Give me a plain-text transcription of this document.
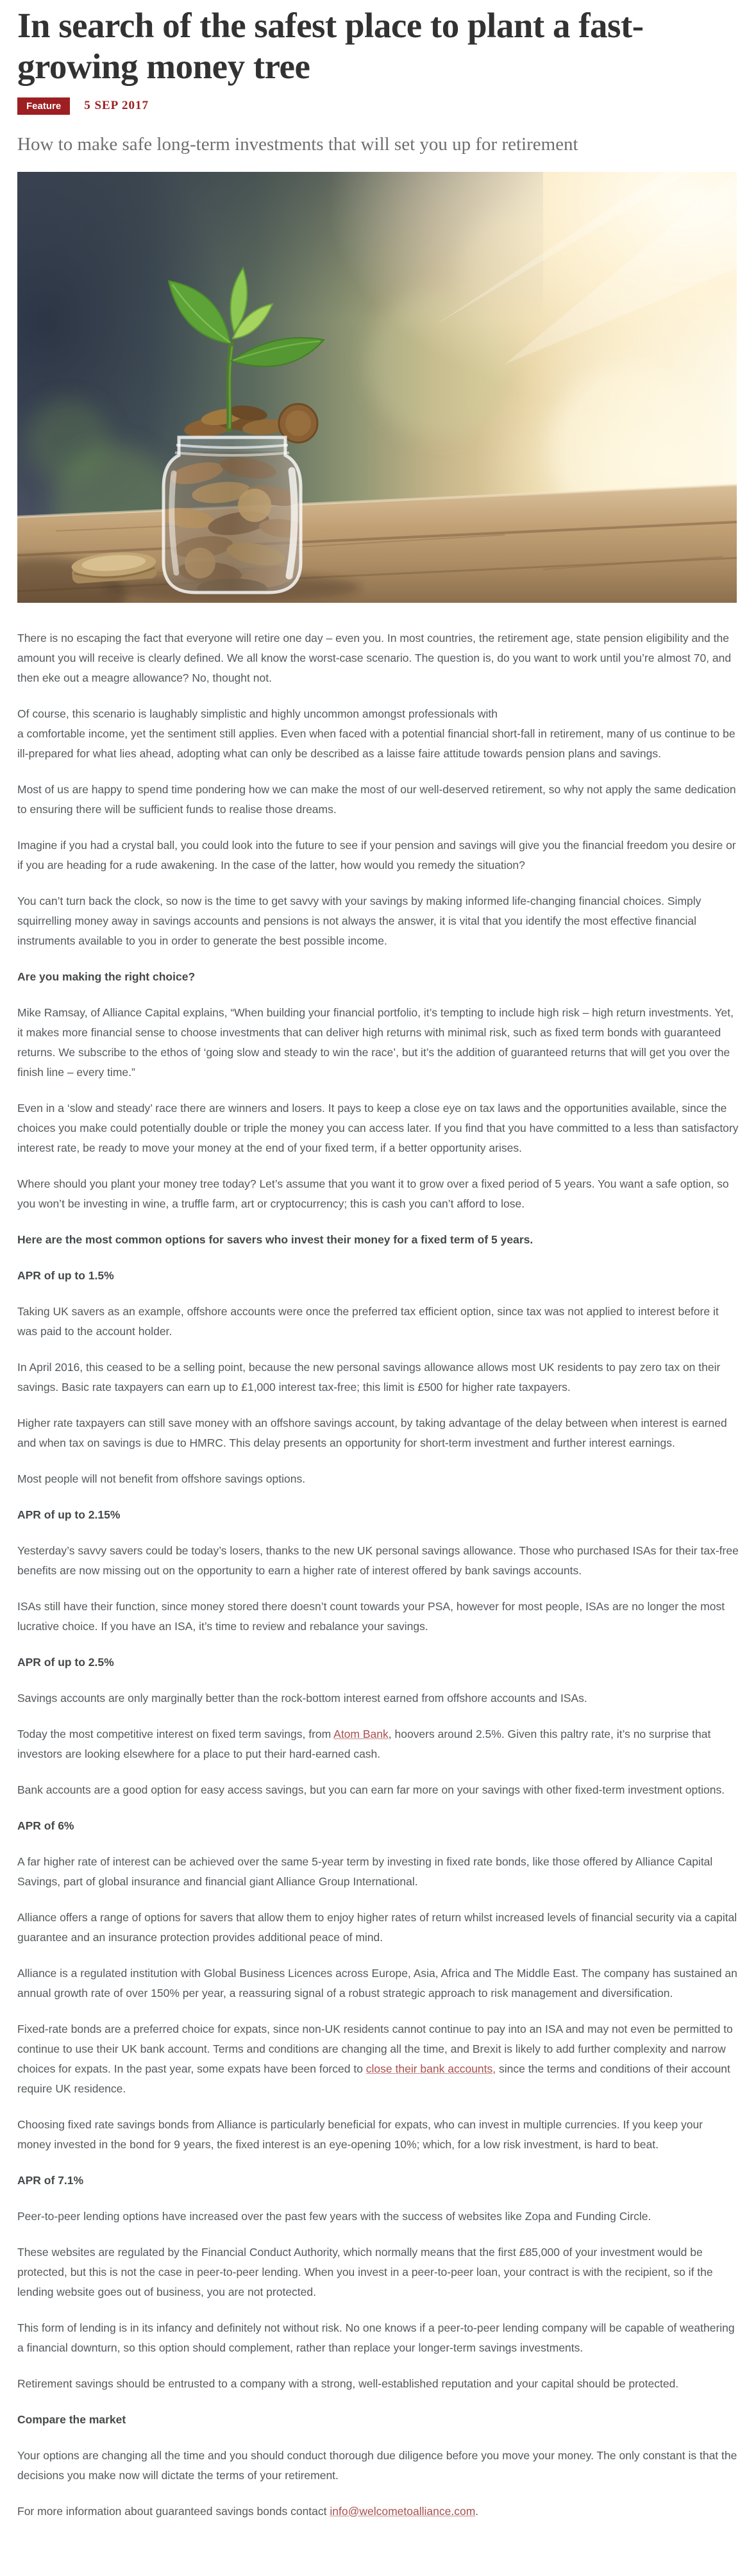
In search of the safest place to plant a fast-growing money tree
Feature	5 SEP 2017
How to make safe long-term investments that will set you up for retirement

There is no escaping the fact that everyone will retire one day – even you. In most countries, the retirement age, state pension eligibility and the amount you will receive is clearly defined. We all know the worst-case scenario. The question is, do you want to work until you’re almost 70, and then eke out a meagre allowance? No, thought not.

Of course, this scenario is laughably simplistic and highly uncommon amongst professionals with
a comfortable income, yet the sentiment still applies. Even when faced with a potential financial short-fall in retirement, many of us continue to be ill-prepared for what lies ahead, adopting what can only be described as a laisse faire attitude towards pension plans and savings.

Most of us are happy to spend time pondering how we can make the most of our well-deserved retirement, so why not apply the same dedication to ensuring there will be sufficient funds to realise those dreams.

Imagine if you had a crystal ball, you could look into the future to see if your pension and savings will give you the financial freedom you desire or if you are heading for a rude awakening. In the case of the latter, how would you remedy the situation?

You can’t turn back the clock, so now is the time to get savvy with your savings by making informed life-changing financial choices. Simply squirrelling money away in savings accounts and pensions is not always the answer, it is vital that you identify the most effective financial instruments available to you in order to generate the best possible income.

Are you making the right choice?

Mike Ramsay, of Alliance Capital explains, “When building your financial portfolio, it’s tempting to include high risk – high return investments. Yet, it makes more financial sense to choose investments that can deliver high returns with minimal risk, such as fixed term bonds with guaranteed returns. We subscribe to the ethos of ‘going slow and steady to win the race’, but it’s the addition of guaranteed returns that will get you over the finish line – every time.”

Even in a ‘slow and steady’ race there are winners and losers. It pays to keep a close eye on tax laws and the opportunities available, since the choices you make could potentially double or triple the money you can access later. If you find that you have committed to a less than satisfactory interest rate, be ready to move your money at the end of your fixed term, if a better opportunity arises.

Where should you plant your money tree today? Let’s assume that you want it to grow over a fixed period of 5 years. You want a safe option, so you won’t be investing in wine, a truffle farm, art or cryptocurrency; this is cash you can’t afford to lose.

Here are the most common options for savers who invest their money for a fixed term of 5 years.

APR of up to 1.5%

Taking UK savers as an example, offshore accounts were once the preferred tax efficient option, since tax was not applied to interest before it was paid to the account holder.

In April 2016, this ceased to be a selling point, because the new personal savings allowance allows most UK residents to pay zero tax on their savings. Basic rate taxpayers can earn up to £1,000 interest tax-free; this limit is £500 for higher rate taxpayers.

Higher rate taxpayers can still save money with an offshore savings account, by taking advantage of the delay between when interest is earned and when tax on savings is due to HMRC. This delay presents an opportunity for short-term investment and further interest earnings.

Most people will not benefit from offshore savings options.

APR of up to 2.15%

Yesterday’s savvy savers could be today’s losers, thanks to the new UK personal savings allowance. Those who purchased ISAs for their tax-free benefits are now missing out on the opportunity to earn a higher rate of interest offered by bank savings accounts.

ISAs still have their function, since money stored there doesn’t count towards your PSA, however for most people, ISAs are no longer the most lucrative choice. If you have an ISA, it’s time to review and rebalance your savings.

APR of up to 2.5%

Savings accounts are only marginally better than the rock-bottom interest earned from offshore accounts and ISAs.

Today the most competitive interest on fixed term savings, from Atom Bank, hoovers around 2.5%. Given this paltry rate, it’s no surprise that investors are looking elsewhere for a place to put their hard-earned cash.

Bank accounts are a good option for easy access savings, but you can earn far more on your savings with other fixed-term investment options.

APR of 6%

A far higher rate of interest can be achieved over the same 5-year term by investing in fixed rate bonds, like those offered by Alliance Capital Savings, part of global insurance and financial giant Alliance Group International.

Alliance offers a range of options for savers that allow them to enjoy higher rates of return whilst increased levels of financial security via a capital guarantee and an insurance protection provides additional peace of mind.

Alliance is a regulated institution with Global Business Licences across Europe, Asia, Africa and The Middle East. The company has sustained an annual growth rate of over 150% per year, a reassuring signal of a robust strategic approach to risk management and diversification.

Fixed-rate bonds are a preferred choice for expats, since non-UK residents cannot continue to pay into an ISA and may not even be permitted to continue to use their UK bank account. Terms and conditions are changing all the time, and Brexit is likely to add further complexity and narrow choices for expats. In the past year, some expats have been forced to close their bank accounts, since the terms and conditions of their account require UK residence.

Choosing fixed rate savings bonds from Alliance is particularly beneficial for expats, who can invest in multiple currencies. If you keep your money invested in the bond for 9 years, the fixed interest is an eye-opening 10%; which, for a low risk investment, is hard to beat.

APR of 7.1%

Peer-to-peer lending options have increased over the past few years with the success of websites like Zopa and Funding Circle.

These websites are regulated by the Financial Conduct Authority, which normally means that the first £85,000 of your investment would be protected, but this is not the case in peer-to-peer lending. When you invest in a peer-to-peer loan, your contract is with the recipient, so if the lending website goes out of business, you are not protected.

This form of lending is in its infancy and definitely not without risk. No one knows if a peer-to-peer lending company will be capable of weathering a financial downturn, so this option should complement, rather than replace your longer-term savings investments.

Retirement savings should be entrusted to a company with a strong, well-established reputation and your capital should be protected.

Compare the market

Your options are changing all the time and you should conduct thorough due diligence before you move your money. The only constant is that the decisions you make now will dictate the terms of your retirement.

For more information about guaranteed savings bonds contact info@welcometoalliance.com.
